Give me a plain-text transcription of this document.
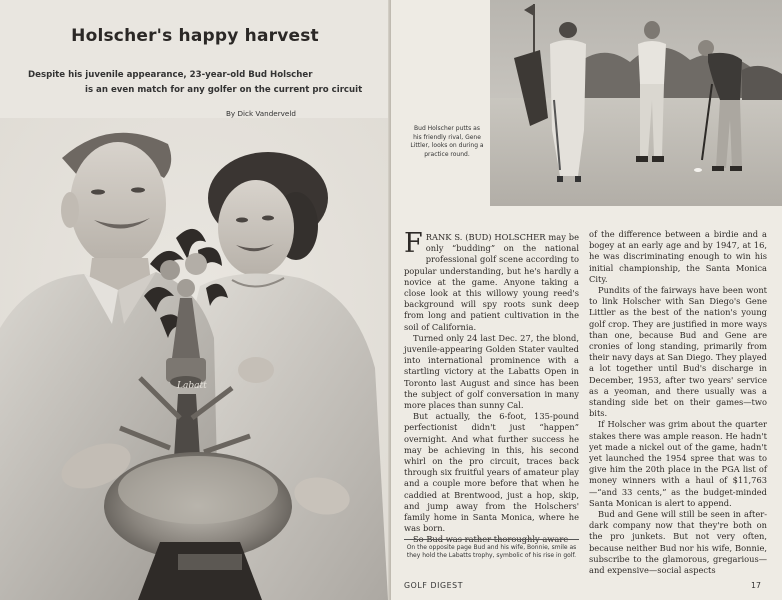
Holscher's happy harvest
Despite his juvenile appearance, 23-year-old Bud Holscher
is an even match for any golfer on the current pro circuit
By Dick Vanderveld
Labatt

FRANK S. (BUD) HOLSCHER may be only “budding” on the national professional golf scene according to popular understanding, but he's hardly a novice at the game. Anyone taking a close look at this willowy young reed's background will spy roots sunk deep from long and patient cultivation in the soil of California.

Turned only 24 last Dec. 27, the blond, juvenile-appearing Golden Stater vaulted into international prominence with a startling victory at the Labatts Open in Toronto last August and since has been the subject of golf conversation in many more places than sunny Cal.

But actually, the 6-foot, 135-pound perfectionist didn't just “happen” overnight. And what further success he may be achieving in this, his second whirl on the pro circuit, traces back through six fruitful years of amateur play and a couple more before that when he caddied at Brentwood, just a hop, skip, and jump away from the Holschers' family home in Santa Monica, where he was born.

So Bud was rather thoroughly aware

of the difference between a birdie and a bogey at an early age and by 1947, at 16, he was discriminating enough to win his initial championship, the Santa Monica City.

Pundits of the fairways have been wont to link Holscher with San Diego's Gene Littler as the best of the nation's young golf crop. They are justified in more ways than one, because Bud and Gene are cronies of long standing, primarily from their navy days at San Diego. They played a lot together until Bud's discharge in December, 1953, after two years' service as a yeoman, and there usually was a standing side bet on their games—two bits.

If Holscher was grim about the quarter stakes there was ample reason. He hadn't yet made a nickel out of the game, hadn't yet launched the 1954 spree that was to give him the 20th place in the PGA list of money winners with a haul of $11,763—“and 33 cents,” as the budget-minded Santa Monican is alert to append.

Bud and Gene will still be seen in after-dark company now that they're both on the pro junkets. But not very often, because neither Bud nor his wife, Bonnie, subscribe to the glamorous, gregarious—and expensive—social aspects

On the opposite page Bud and his wife, Bonnie, smile as they hold the Labatts trophy, symbolic of his rise in golf.
GOLF DIGEST	17
Bud Holscher putts as his friendly rival, Gene Littler, looks on during a practice round.
